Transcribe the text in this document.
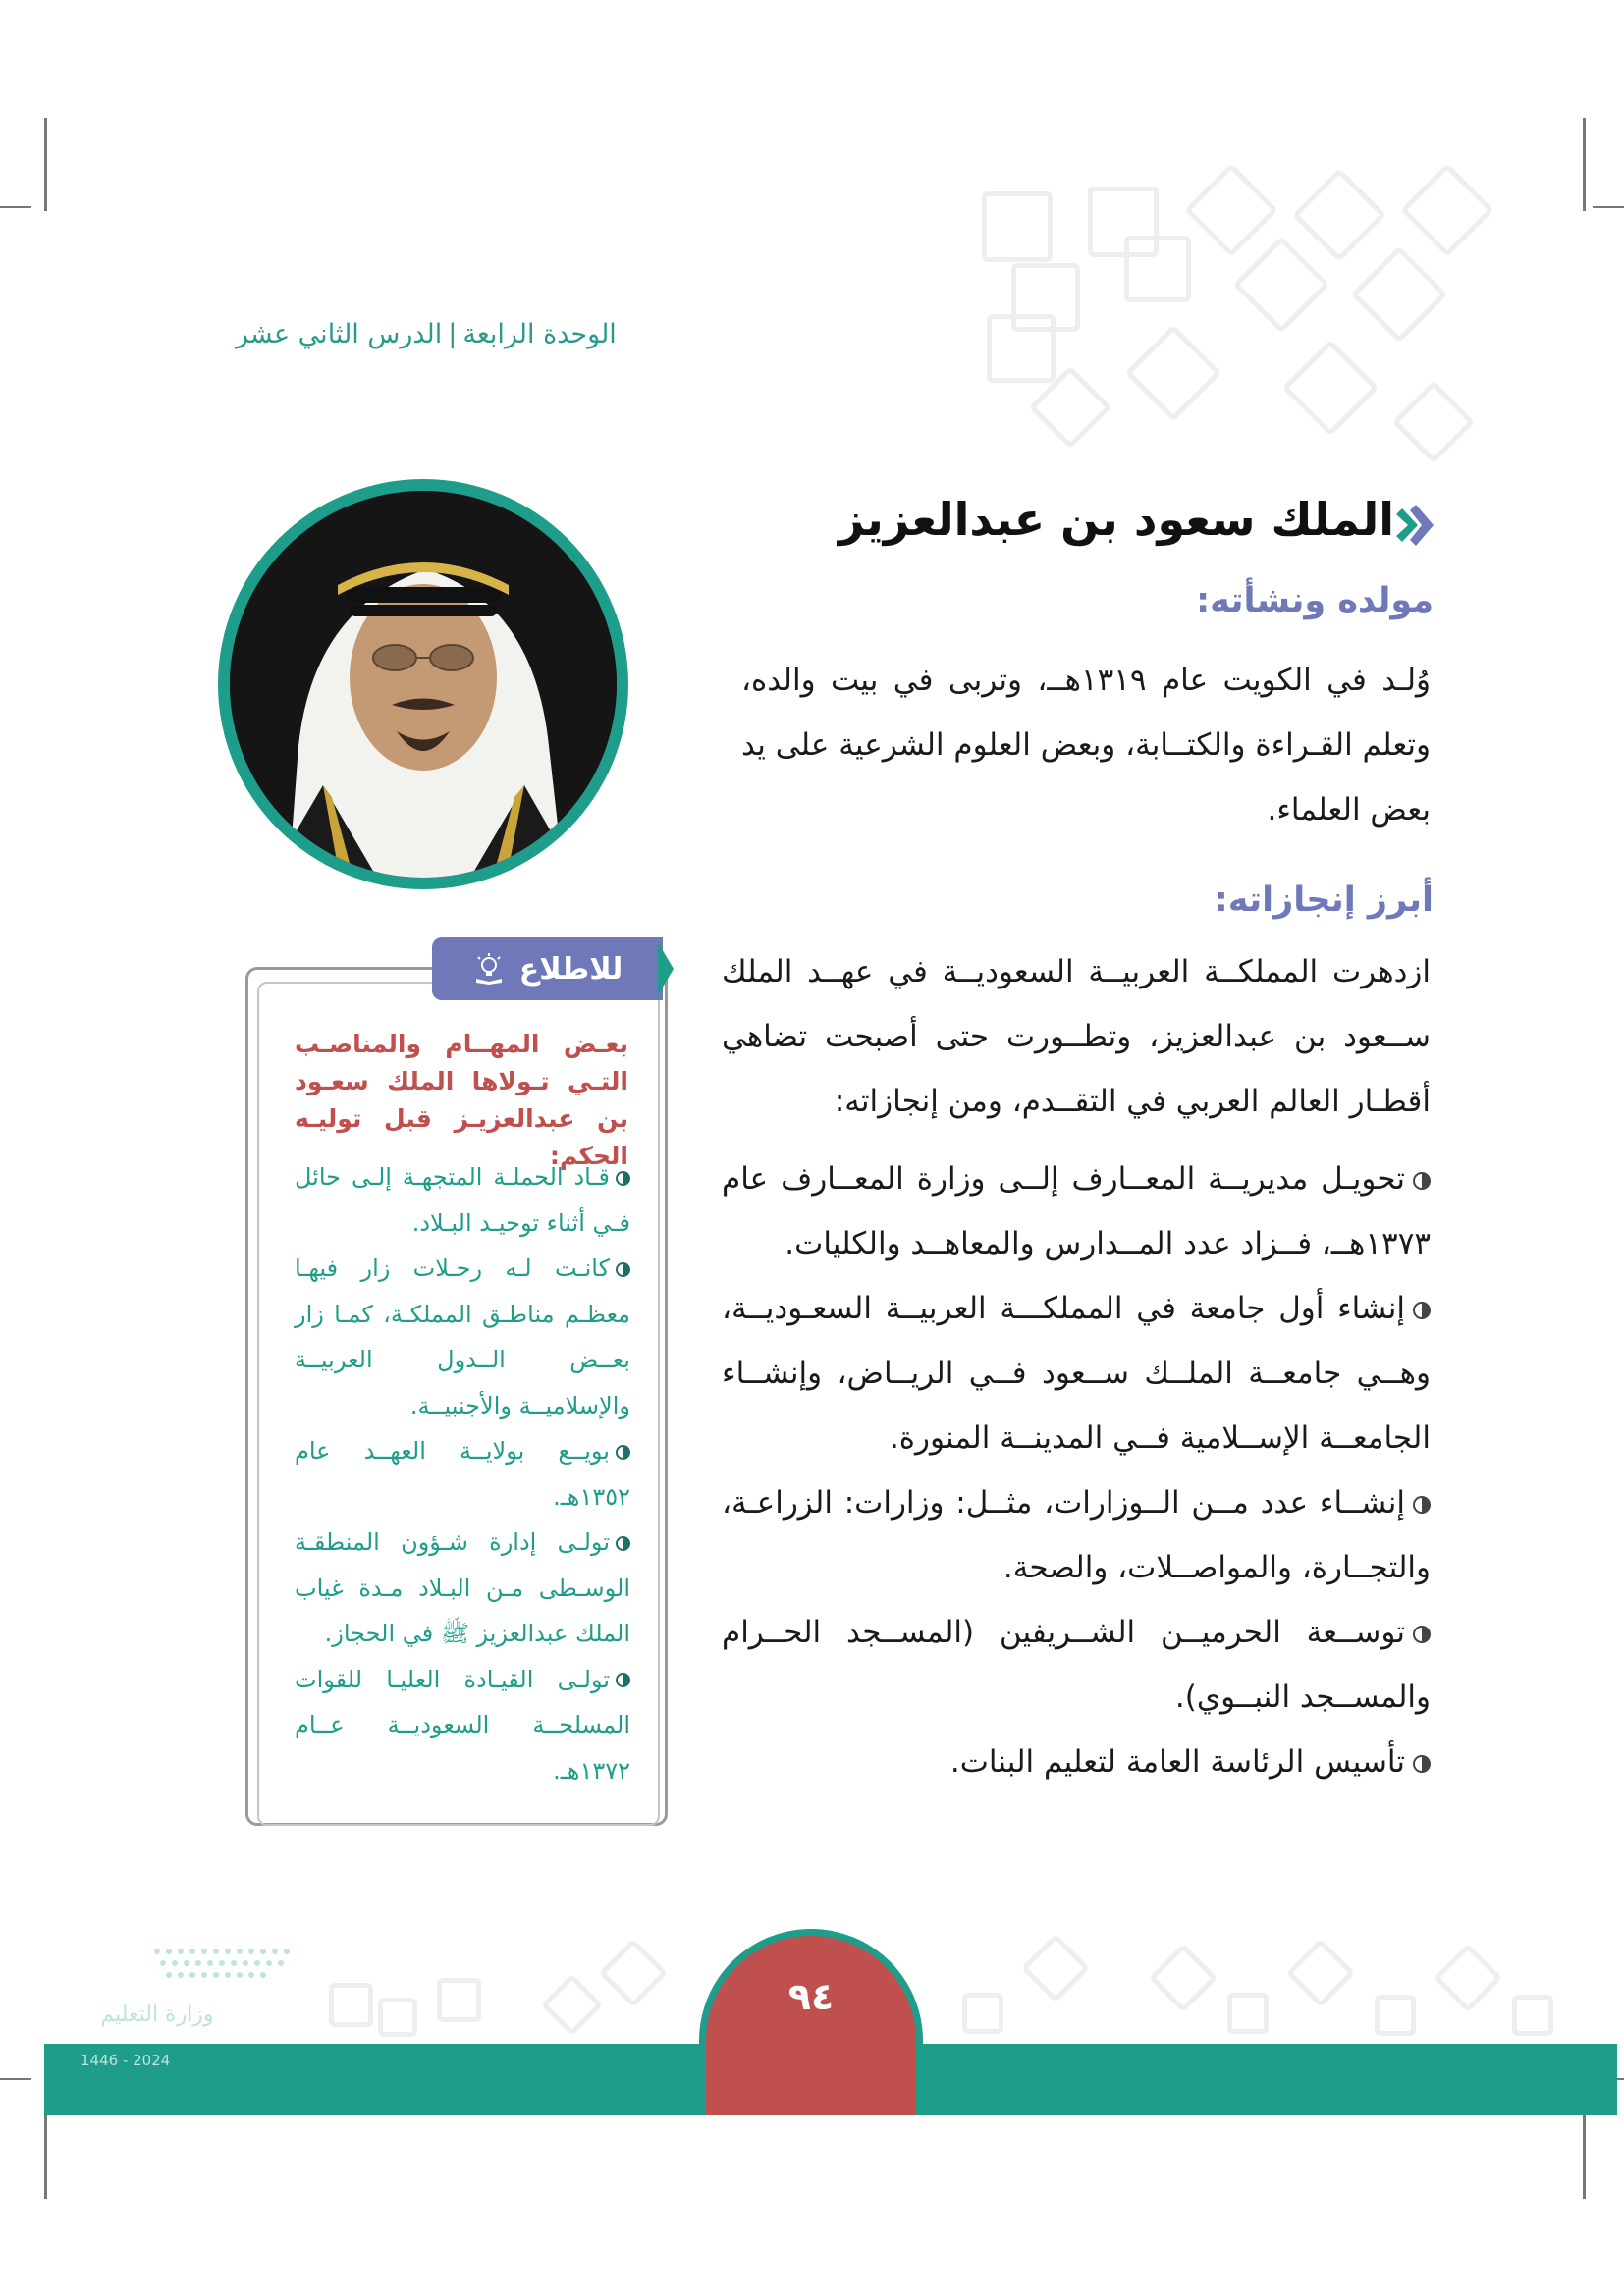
الوحدة الرابعة|الدرس الثاني عشر
الملك سعود بن عبدالعزيز
مولده ونشأته:
وُلـد في الكويت عام ١٣١٩هــ، وتربى في بيت والده، وتعلم القـراءة والكتــابة، وبعض العلوم الشرعية على يد بعض العلماء.
أبرز إنجازاته:
ازدهرت المملكــة العربيــة السعوديــة في عهــد الملك ســعود بن عبدالعزيز، وتطــورت حتى أصبحت تضاهي أقطـار العالم العربي في التقــدم، ومن إنجازاته:
تحويـل مديريــة المعــارف إلــى وزارة المعــارف عام ١٣٧٣هــ، فــزاد عدد المــدارس والمعاهــد والكليات.
إنشاء أول جامعة في المملكـــة العربيــة السعـوديــة، وهــي جامعــة الملــك ســعود فــي الريــاض، وإنشــاء الجامعــة الإســلامية فــي المدينــة المنورة.
إنشــاء عدد مــن الــوزارات، مثــل: وزارات: الزراعـة، والتجــارة، والمواصــلات، والصحة.
توســعة الحرميــن الشــريفين (المســجد الحــرام والمســجد النبــوي).
تأسيس الرئاسة العامة لتعليم البنات.
للاطلاع
بعـض المهــام والمناصـب التـي تـولاها الملك سعـود بن عبدالعزيـز قبل توليـه الحكم:
قـاد الحملـة المتجهـة إلـى حائل فـي أثناء توحيـد البـلاد.
كانـت لـه رحـلات زار فيهـا معظـم مناطـق المملكـة، كمـا زار بعــض الــدول العربيــة والإسلاميــة والأجنبيــة.
بويــع بولايــة العهــد عام ١٣٥٢هـ.
تولـى إدارة شـؤون المنطقـة الوسـطى مـن البـلاد مـدة غياب الملك عبدالعزيز ﷺ في الحجاز.
تولـى القيـادة العليـا للقوات المسلحــة السعوديــة عــام ١٣٧٢هـ.
وزارة التعليم
2024 - 1446
٩٤
